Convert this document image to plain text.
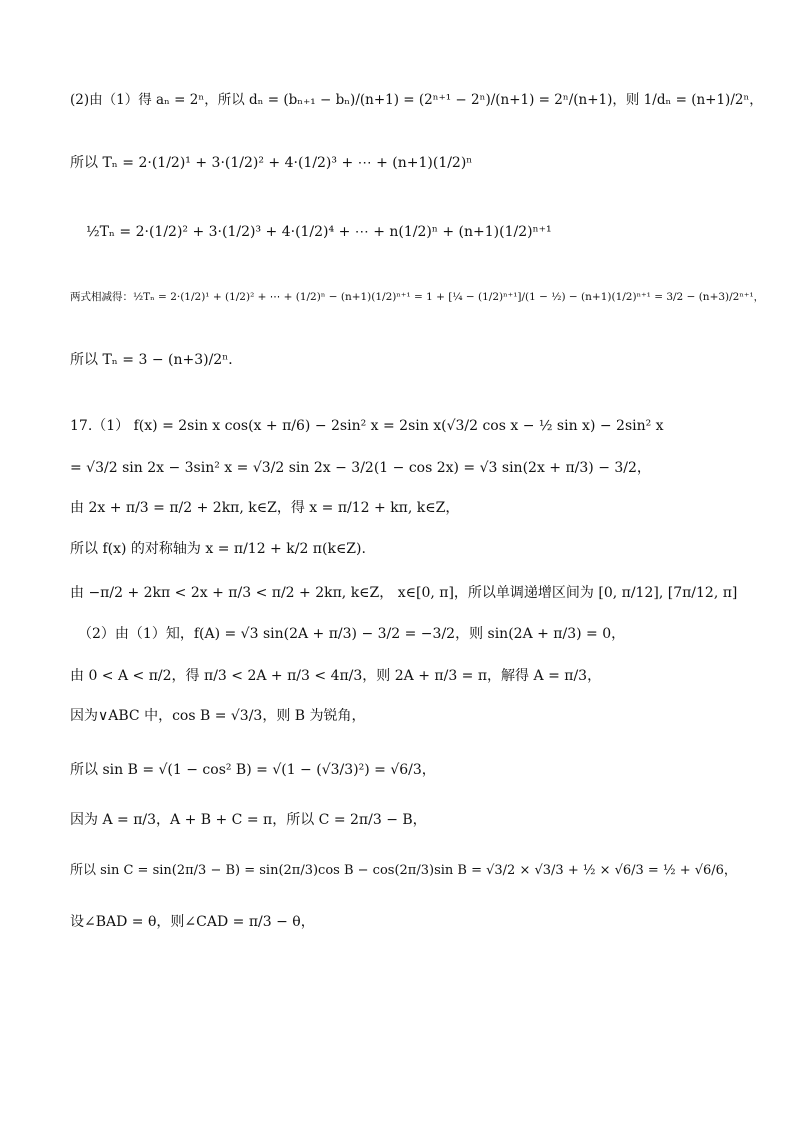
(2)由（1）得 aₙ = 2ⁿ，所以 dₙ = (bₙ₊₁ − bₙ)/(n+1) = (2ⁿ⁺¹ − 2ⁿ)/(n+1) = 2ⁿ/(n+1)，则 1/dₙ = (n+1)/2ⁿ，
所以 Tₙ = 2·(1/2)¹ + 3·(1/2)² + 4·(1/2)³ + ⋯ + (n+1)(1/2)ⁿ
½Tₙ = 2·(1/2)² + 3·(1/2)³ + 4·(1/2)⁴ + ⋯ + n(1/2)ⁿ + (n+1)(1/2)ⁿ⁺¹
两式相减得：½Tₙ = 2·(1/2)¹ + (1/2)² + ⋯ + (1/2)ⁿ − (n+1)(1/2)ⁿ⁺¹ = 1 + [¼ − (1/2)ⁿ⁺¹]/(1 − ½) − (n+1)(1/2)ⁿ⁺¹ = 3/2 − (n+3)/2ⁿ⁺¹，
所以 Tₙ = 3 − (n+3)/2ⁿ．
17.（1） f(x) = 2sin x cos(x + π/6) − 2sin² x = 2sin x(√3/2 cos x − ½ sin x) − 2sin² x
= √3/2 sin 2x − 3sin² x = √3/2 sin 2x − 3/2(1 − cos 2x) = √3 sin(2x + π/3) − 3/2，
由 2x + π/3 = π/2 + 2kπ, k∈Z，得 x = π/12 + kπ, k∈Z，
所以 f(x) 的对称轴为 x = π/12 + k/2 π(k∈Z).
由 −π/2 + 2kπ < 2x + π/3 < π/2 + 2kπ, k∈Z， x∈[0, π]，所以单调递增区间为 [0, π/12], [7π/12, π]
（2）由（1）知，f(A) = √3 sin(2A + π/3) − 3/2 = −3/2，则 sin(2A + π/3) = 0，
由 0 < A < π/2，得 π/3 < 2A + π/3 < 4π/3，则 2A + π/3 = π，解得 A = π/3，
因为∨ABC 中，cos B = √3/3，则 B 为锐角，
所以 sin B = √(1 − cos² B) = √(1 − (√3/3)²) = √6/3，
因为 A = π/3，A + B + C = π，所以 C = 2π/3 − B，
所以 sin C = sin(2π/3 − B) = sin(2π/3)cos B − cos(2π/3)sin B = √3/2 × √3/3 + ½ × √6/3 = ½ + √6/6，
设∠BAD = θ，则∠CAD = π/3 − θ，
